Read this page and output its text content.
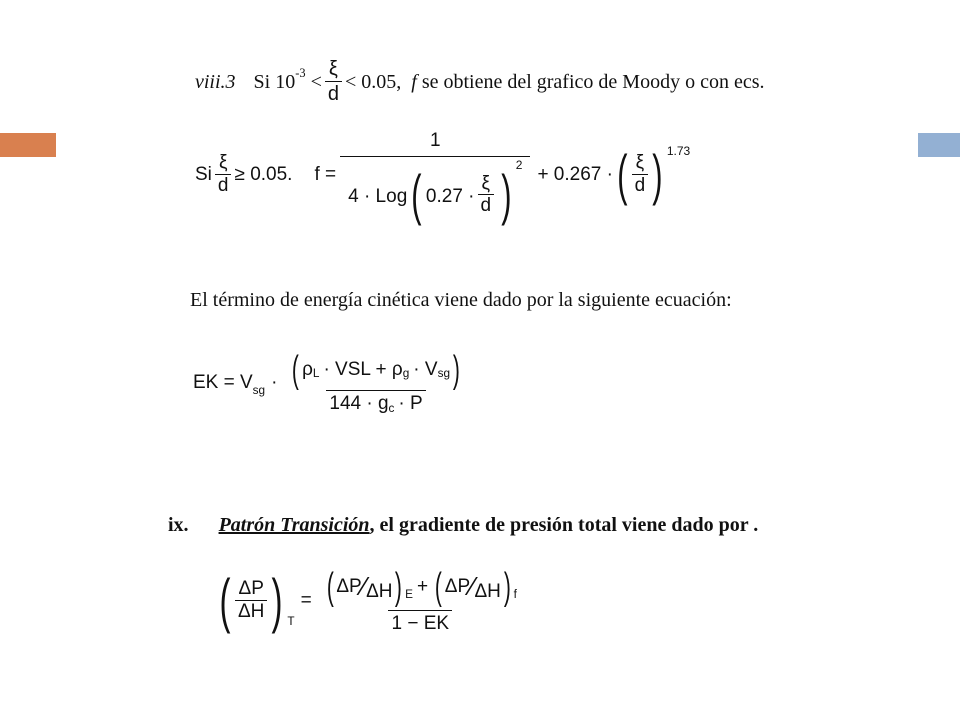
viii.3 Si
$10^{-3}$
< $\frac{\xi}{d} < 0.05$,
f
se obtiene del grafico de Moody o con ecs.
Si $\frac{\xi}{d} \ge 0.05$. f =
1
4 · Log ( $0.27 \cdot \frac{\xi}{d}$ ) 2 + 0.267 · ( $\frac{\xi}{d}$ ) 1.73
El término de energía cinética viene dado por la siguiente ecuación:
EK = $V_{sg} \cdot \frac{( \rho_L \cdot VSL + \rho_g \cdot V_{sg} )}{144 \cdot g_c \cdot P}$
ix. Patrón Transición, el gradiente de presión total viene dado por .
( $\frac{\Delta P}{\Delta H}$ ) $_T$
= $\frac{( \Delta P ⁄ \Delta H )_E + ( \Delta P ⁄ \Delta H )_f}{1 - EK}$
